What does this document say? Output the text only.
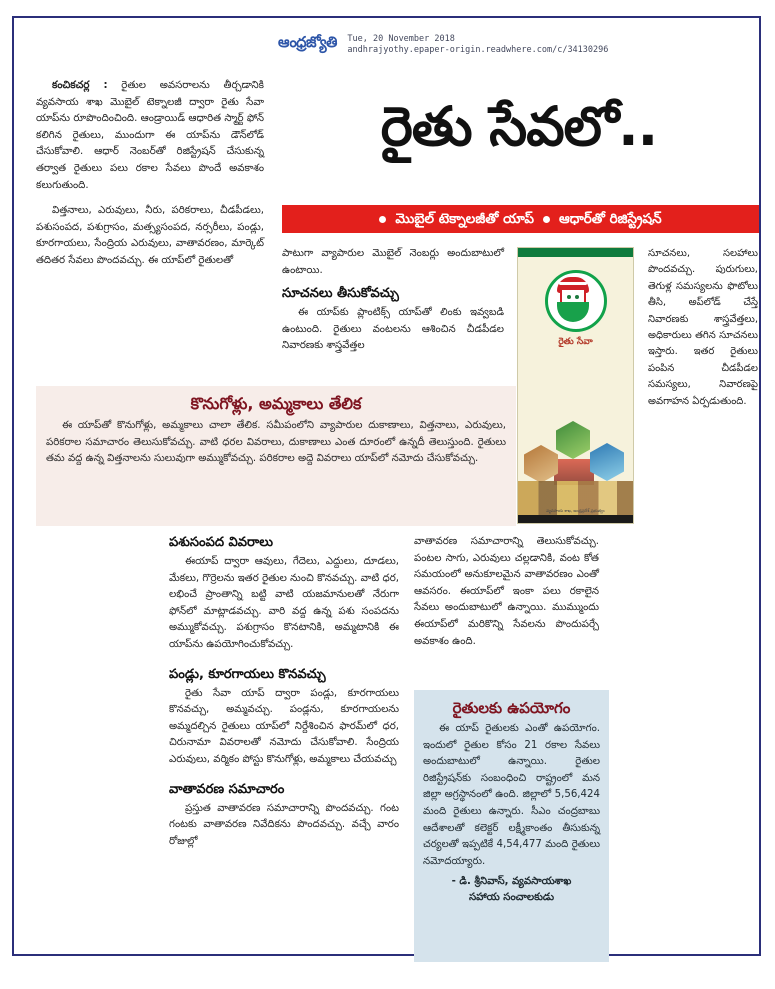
ఆంధ్రజ్యోతి Tue, 20 November 2018
andhrajyothy.epaper-origin.readwhere.com/c/34130296
రైతు సేవలో..
మొబైల్ టెక్నాలజీతో యాప్ ఆధార్‌తో రిజిస్ట్రేషన్

కంచికచర్ల : రైతుల అవసరాలను తీర్చడానికి వ్యవసాయ శాఖ మొబైల్ టెక్నాలజీ ద్వారా రైతు సేవా యాప్‌ను రూపొందించింది. ఆండ్రాయిడ్ ఆధారిత స్మార్ట్ ఫోన్ కలిగిన రైతులు, ముందుగా ఈ యాప్‌ను డౌన్‌లోడ్ చేసుకోవాలి. ఆధార్ నెంబర్‌తో రిజిస్ట్రేషన్ చేసుకున్న తర్వాత రైతులు పలు రకాల సేవలు పొందే అవకాశం కలుగుతుంది.

విత్తనాలు, ఎరువులు, నీరు, పరికరాలు, చీడపీడలు, పశుసంపద, పశుగ్రాసం, మత్స్యసంపద, నర్సరీలు, పండ్లు, కూరగాయలు, సేంద్రియ ఎరువులు, వాతావరణం, మార్కెట్ తదితర సేవలు పొందవచ్చు. ఈ యాప్‌లో రైతులతో

పాటుగా వ్యాపారుల మొబైల్ నెంబర్లు అందుబాటులో ఉంటాయి.

సూచనలు తీసుకోవచ్చు

ఈ యాప్‌కు ప్లాంటిక్స్ యాప్‌తో లింకు ఇవ్వబడి ఉంటుంది. రైతులు వంటలను ఆశించిన చీడపీడల నివారణకు శాస్త్రవేత్తల	రైతు సేవా
వ్యవసాయ శాఖ, ఆంధ్రప్రదేశ్ ప్రభుత్వం

సూచనలు, సలహాలు పొందవచ్చు. పురుగులు, తెగుళ్ల సమస్యలను ఫొటోలు తీసి, అప్‌లోడ్ చేస్తే నివారణకు శాస్త్రవేత్తలు, అధికారులు తగిన సూచనలు ఇస్తారు. ఇతర రైతులు పంపిన చీడపీడల సమస్యలు, నివారణపై అవగాహన ఏర్పడుతుంది.

కొనుగోళ్లు, అమ్మకాలు తేలిక

ఈ యాప్‌తో కొనుగోళ్లు, అమ్మకాలు చాలా తేలిక. సమీపంలోని వ్యాపారుల దుకాణాలు, విత్తనాలు, ఎరువులు, పరికరాల సమాచారం తెలుసుకోవచ్చు. వాటి ధరల వివరాలు, దుకాణాలు ఎంత దూరంలో ఉన్నదీ తెలుస్తుంది. రైతులు తమ వద్ద ఉన్న విత్తనాలను సులువుగా అమ్ముకోవచ్చు. పరికరాల అద్దె వివరాలు యాప్‌లో నమోదు చేసుకోవచ్చు.

పశుసంపద వివరాలు

ఈయాప్ ద్వారా ఆవులు, గేదెలు, ఎద్దులు, దూడలు, మేకలు, గొర్రెలను ఇతర రైతుల నుంచి కొనవచ్చు. వాటి ధర, లభించే ప్రాంతాన్ని బట్టి వాటి యజమానులతో నేరుగా ఫోన్‌లో మాట్లాడవచ్చు. వారి వద్ద ఉన్న పశు సంపదను అమ్ముకోవచ్చు. పశుగ్రాసం కొనటానికి, అమ్మటానికి ఈ యాప్‌ను ఉపయోగించుకోవచ్చు.

పండ్లు, కూరగాయలు కొనవచ్చు

రైతు సేవా యాప్ ద్వారా పండ్లు, కూరగాయలు కొనవచ్చు, అమ్మవచ్చు. పండ్లను, కూరగాయలను అమ్మదల్చిన రైతులు యాప్‌లో నిర్దేశించిన ఫారమ్‌లో ధర, చిరునామా వివరాలతో నమోదు చేసుకోవాలి. సేంద్రియ ఎరువులు, వర్మికం పోస్టు కొనుగోళ్లు, అమ్మకాలు చేయవచ్చు

వాతావరణ సమాచారం

ప్రస్తుత వాతావరణ సమాచారాన్ని పొందవచ్చు. గంట గంటకు వాతావరణ నివేదికను పొందవచ్చు. వచ్చే వారం రోజుల్లో

వాతావరణ సమాచారాన్ని తెలుసుకోవచ్చు. పంటల సాగు, ఎరువులు చల్లడానికి, వంట కోత సమయంలో అనుకూలమైన వాతావరణం ఎంతో ఆవసరం. ఈయాప్‌లో ఇంకా పలు రకాలైన సేవలు అందుబాటులో ఉన్నాయి. ముమ్ముందు ఈయాప్‌లో మరికొన్ని సేవలను పొందుపర్చే అవకాశం ఉంది.

రైతులకు ఉపయోగం

ఈ యాప్ రైతులకు ఎంతో ఉపయోగం. ఇందులో రైతుల కోసం 21 రకాల సేవలు అందుబాటులో ఉన్నాయి. రైతుల రిజిస్ట్రేషన్‌కు సంబంధించి రాష్ట్రంలో మన జిల్లా అగ్రస్థానంలో ఉంది. జిల్లాలో 5,56,424 మంది రైతులు ఉన్నారు. సీఎం చంద్రబాబు ఆదేశాలతో కలెక్టర్ లక్ష్మీకాంతం తీసుకున్న చర్యలతో ఇప్పటికే 4,54,477 మంది రైతులు నమోదయ్యారు.

- డి. శ్రీనివాస్, వ్యవసాయశాఖ
సహాయ సంచాలకుడు
